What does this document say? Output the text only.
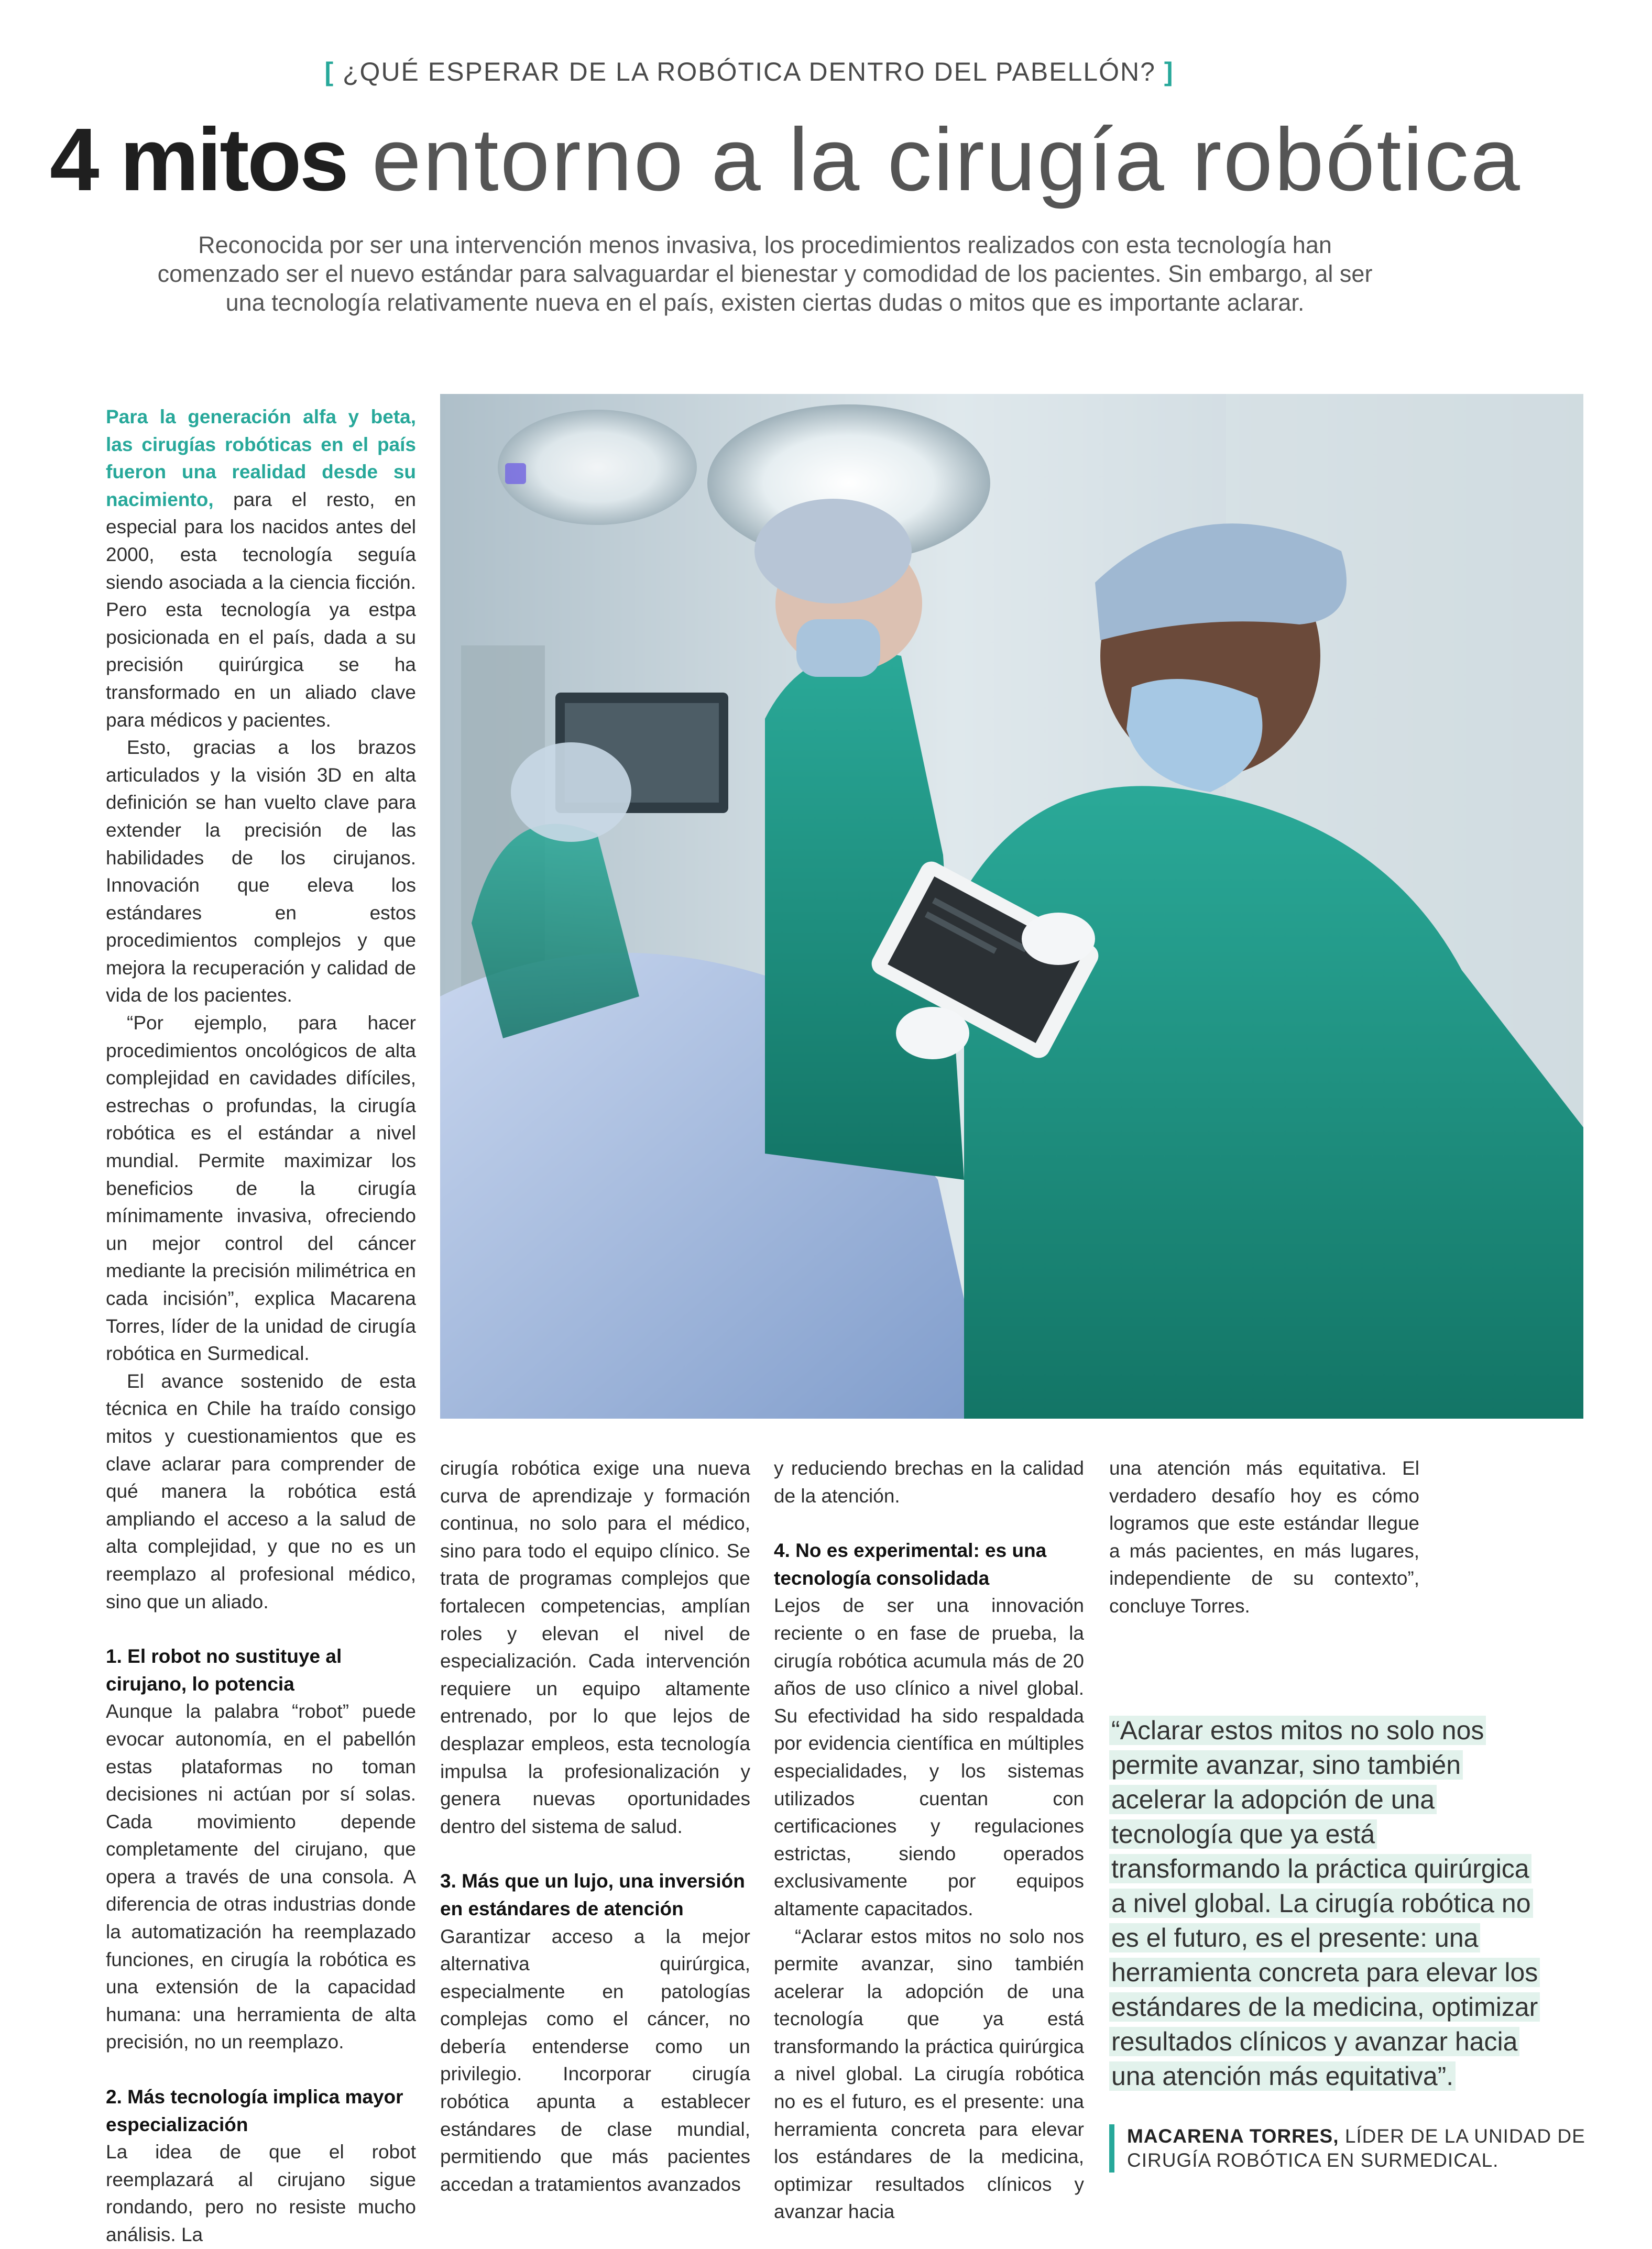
[ ¿QUÉ ESPERAR DE LA ROBÓTICA DENTRO DEL PABELLÓN? ]
4 mitos entorno a la cirugía robótica
Reconocida por ser una intervención menos invasiva, los procedimientos realizados con esta tecnología han comenzado ser el nuevo estándar para salvaguardar el bienestar y comodidad de los pacientes. Sin embargo, al ser una tecnología relativamente nueva en el país, existen ciertas dudas o mitos que es importante aclarar.

Para la generación alfa y beta, las cirugías robóticas en el país fueron una realidad desde su nacimiento, para el resto, en especial para los nacidos antes del 2000, esta tecnología seguía siendo asociada a la ciencia ficción. Pero esta tecnología ya estpa posicionada en el país, dada a su precisión quirúrgica se ha transformado en un aliado clave para médicos y pacientes.

Esto, gracias a los brazos articulados y la visión 3D en alta definición se han vuelto clave para extender la precisión de las habilidades de los cirujanos. Innovación que eleva los estándares en estos procedimientos complejos y que mejora la recuperación y calidad de vida de los pacientes.

“Por ejemplo, para hacer procedimientos oncológicos de alta complejidad en cavidades difíciles, estrechas o profundas, la cirugía robótica es el estándar a nivel mundial. Permite maximizar los beneficios de la cirugía mínimamente invasiva, ofreciendo un mejor control del cáncer mediante la precisión milimétrica en cada incisión”, explica Macarena Torres, líder de la unidad de cirugía robótica en Surmedical.

El avance sostenido de esta técnica en Chile ha traído consigo mitos y cuestionamientos que es clave aclarar para comprender de qué manera la robótica está ampliando el acceso a la salud de alta complejidad, y que no es un reemplazo al profesional médico, sino que un aliado.

1. El robot no sustituye al cirujano, lo potencia

Aunque la palabra “robot” puede evocar autonomía, en el pabellón estas plataformas no toman decisiones ni actúan por sí solas. Cada movimiento depende completamente del cirujano, que opera a través de una consola. A diferencia de otras industrias donde la automatización ha reemplazado funciones, en cirugía la robótica es una extensión de la capacidad humana: una herramienta de alta precisión, no un reemplazo.

2. Más tecnología implica mayor especialización

La idea de que el robot reemplazará al cirujano sigue rondando, pero no resiste mucho análisis. La

cirugía robótica exige una nueva curva de aprendizaje y formación continua, no solo para el médico, sino para todo el equipo clínico. Se trata de programas complejos que fortalecen competencias, amplían roles y elevan el nivel de especialización. Cada intervención requiere un equipo altamente entrenado, por lo que lejos de desplazar empleos, esta tecnología impulsa la profesionalización y genera nuevas oportunidades dentro del sistema de salud.

3. Más que un lujo, una inversión en estándares de atención

Garantizar acceso a la mejor alternativa quirúrgica, especialmente en patologías complejas como el cáncer, no debería entenderse como un privilegio. Incorporar cirugía robótica apunta a establecer estándares de clase mundial, permitiendo que más pacientes accedan a tratamientos avanzados

y reduciendo brechas en la calidad de la atención.

4. No es experimental: es una tecnología consolidada

Lejos de ser una innovación reciente o en fase de prueba, la cirugía robótica acumula más de 20 años de uso clínico a nivel global. Su efectividad ha sido respaldada por evidencia científica en múltiples especialidades, y los sistemas utilizados cuentan con certificaciones y regulaciones estrictas, siendo operados exclusivamente por equipos altamente capacitados.

“Aclarar estos mitos no solo nos permite avanzar, sino también acelerar la adopción de una tecnología que ya está transformando la práctica quirúrgica a nivel global. La cirugía robótica no es el futuro, es el presente: una herramienta concreta para elevar los estándares de la medicina, optimizar resultados clínicos y avanzar hacia

una atención más equitativa. El verdadero desafío hoy es cómo logramos que este estándar llegue a más pacientes, en más lugares, independiente de su contexto”, concluye Torres.

“Aclarar estos mitos no solo nos permite avanzar, sino también acelerar la adopción de una tecnología que ya está transformando la práctica quirúrgica a nivel global. La cirugía robótica no es el futuro, es el presente: una herramienta concreta para elevar los estándares de la medicina, optimizar resultados clínicos y avanzar hacia una atención más equitativa”.
MACARENA TORRES, LÍDER DE LA UNIDAD DE CIRUGÍA ROBÓTICA EN SURMEDICAL.
